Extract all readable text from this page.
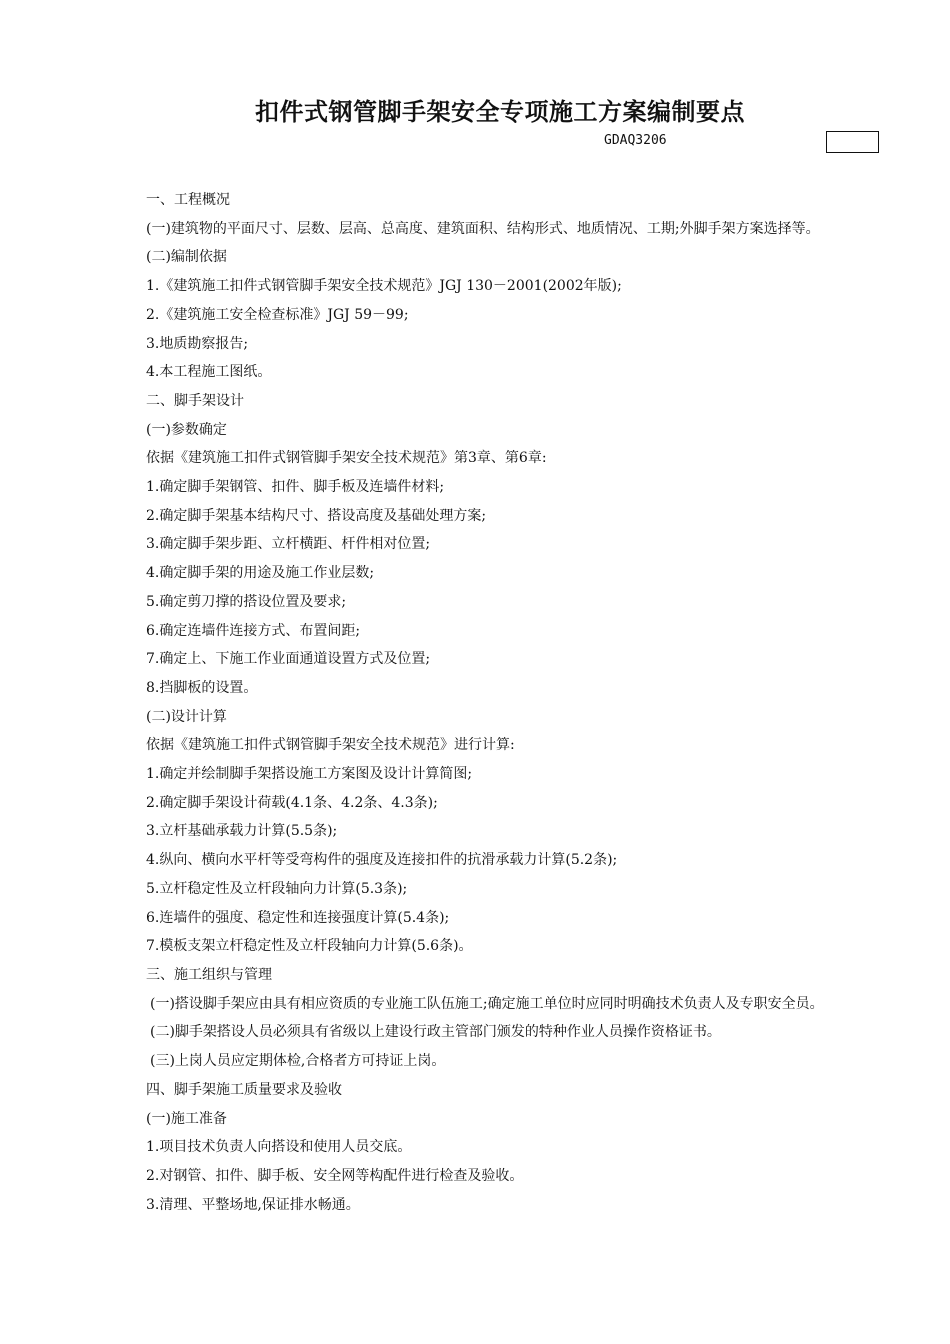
扣件式钢管脚手架安全专项施工方案编制要点
GDAQ3206
一、工程概况
(一)建筑物的平面尺寸、层数、层高、总高度、建筑面积、结构形式、地质情况、工期;外脚手架方案选择等。
(二)编制依据
1.《建筑施工扣件式钢管脚手架安全技术规范》JGJ 130－2001(2002年版);
2.《建筑施工安全检查标准》JGJ 59－99;
3.地质勘察报告;
4.本工程施工图纸。
二、脚手架设计
(一)参数确定
依据《建筑施工扣件式钢管脚手架安全技术规范》第3章、第6章:
1.确定脚手架钢管、扣件、脚手板及连墙件材料;
2.确定脚手架基本结构尺寸、搭设高度及基础处理方案;
3.确定脚手架步距、立杆横距、杆件相对位置;
4.确定脚手架的用途及施工作业层数;
5.确定剪刀撑的搭设位置及要求;
6.确定连墙件连接方式、布置间距;
7.确定上、下施工作业面通道设置方式及位置;
8.挡脚板的设置。
(二)设计计算
依据《建筑施工扣件式钢管脚手架安全技术规范》进行计算:
1.确定并绘制脚手架搭设施工方案图及设计计算简图;
2.确定脚手架设计荷载(4.1条、4.2条、4.3条);
3.立杆基础承载力计算(5.5条);
4.纵向、横向水平杆等受弯构件的强度及连接扣件的抗滑承载力计算(5.2条);
5.立杆稳定性及立杆段轴向力计算(5.3条);
6.连墙件的强度、稳定性和连接强度计算(5.4条);
7.模板支架立杆稳定性及立杆段轴向力计算(5.6条)。
三、施工组织与管理
(一)搭设脚手架应由具有相应资质的专业施工队伍施工;确定施工单位时应同时明确技术负责人及专职安全员。
(二)脚手架搭设人员必须具有省级以上建设行政主管部门颁发的特种作业人员操作资格证书。
(三)上岗人员应定期体检,合格者方可持证上岗。
四、脚手架施工质量要求及验收
(一)施工准备
1.项目技术负责人向搭设和使用人员交底。
2.对钢管、扣件、脚手板、安全网等构配件进行检查及验收。
3.清理、平整场地,保证排水畅通。
